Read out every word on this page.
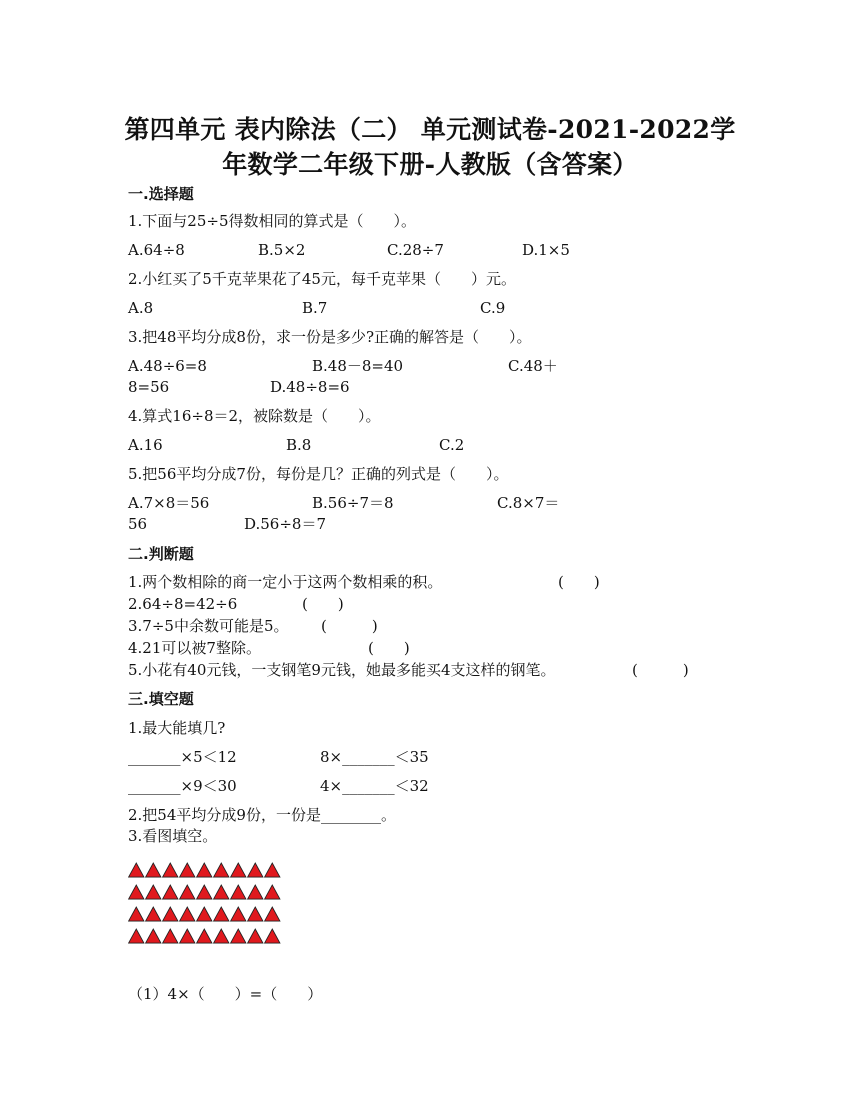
第四单元 表内除法（二） 单元测试卷-2021-2022学
年数学二年级下册-人教版（含答案）
一.选择题
1.下面与25÷5得数相同的算式是（　　）。
A.64÷8	B.5×2	C.28÷7	D.1×5
2.小红买了5千克苹果花了45元，每千克苹果（　　）元。
A.8	B.7	C.9
3.把48平均分成8份，求一份是多少?正确的解答是（　　）。
A.48÷6=8	B.48－8=40	C.48＋
8=56	D.48÷8=6
4.算式16÷8＝2，被除数是（　　）。
A.16	B.8	C.2
5.把56平均分成7份，每份是几？正确的列式是（　　）。
A.7×8＝56	B.56÷7＝8	C.8×7＝
56	D.56÷8＝7
二.判断题
1.两个数相除的商一定小于这两个数相乘的积。	(　　)
2.64÷8=42÷6	(　　)
3.7÷5中余数可能是5。 (　　　)
4.21可以被7整除。	(　　)
5.小花有40元钱，一支钢笔9元钱，她最多能买4支这样的钢笔。	(　　　)
三.填空题
1.最大能填几?
_______×5＜12	8×_______＜35
_______×9＜30	4×_______＜32
2.把54平均分成9份，一份是________。
3.看图填空。
（1）4×（　　）=（　　）
